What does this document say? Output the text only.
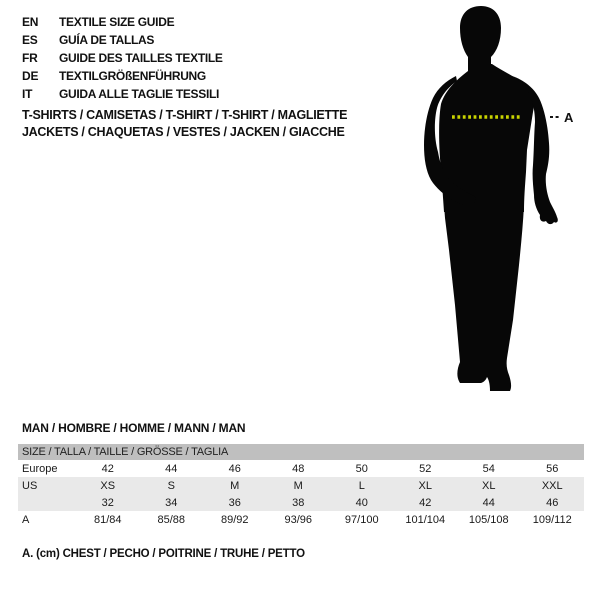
EN	TEXTILE SIZE GUIDE
ES	GUÍA DE TALLAS
FR	GUIDE DES TAILLES TEXTILE
DE	TEXTILGRÖßENFÜHRUNG
IT	GUIDA ALLE TAGLIE TESSILI
T-SHIRTS / CAMISETAS / T-SHIRT / T-SHIRT / MAGLIETTE
JACKETS / CHAQUETAS / VESTES / JACKEN / GIACCHE
A
MAN / HOMBRE / HOMME / MANN / MAN
SIZE / TALLA / TAILLE / GRÖSSE / TAGLIA								
Europe	42	44	46	48	50	52	54	56
US	XS	S	M	M	L	XL	XL	XXL
	32	34	36	38	40	42	44	46
A	81/84	85/88	89/92	93/96	97/100	101/104	105/108	109/112

A. (cm) CHEST / PECHO / POITRINE / TRUHE / PETTO
